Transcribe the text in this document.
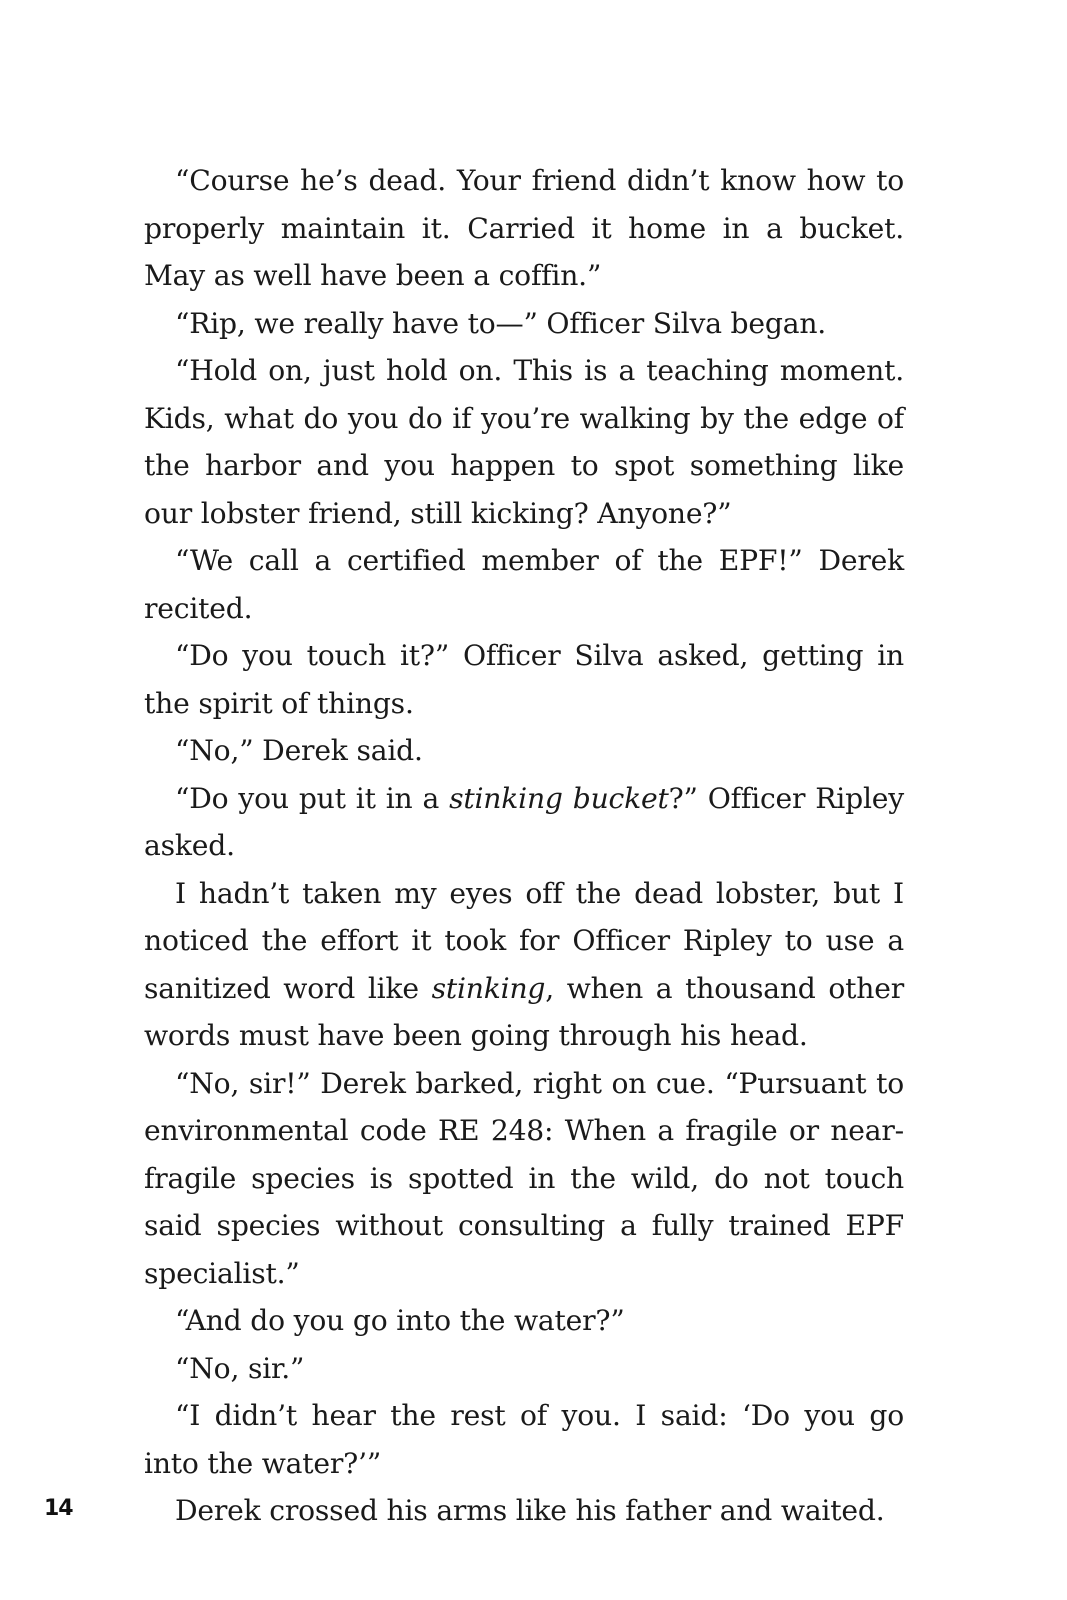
“Course he’s dead. Your friend didn’t know how to properly maintain it. Carried it home in a bucket. May as well have been a coffin.”

“Rip, we really have to—” Officer Silva began.

“Hold on, just hold on. This is a teaching moment. Kids, what do you do if you’re walking by the edge of the harbor and you happen to spot something like our lobster friend, still kicking? Anyone?”

“We call a certified member of the EPF!” Derek recited.

“Do you touch it?” Officer Silva asked, getting in the spirit of things.

“No,” Derek said.

“Do you put it in a stinking bucket?” Officer Ripley asked.

I hadn’t taken my eyes off the dead lobster, but I noticed the effort it took for Officer Ripley to use a sanitized word like stinking, when a thousand other words must have been going through his head.

“No, sir!” Derek barked, right on cue. “Pursuant to environmental code RE 248: When a fragile or near-fragile species is spotted in the wild, do not touch said species without consulting a fully trained EPF specialist.”

“And do you go into the water?”

“No, sir.”

“I didn’t hear the rest of you. I said: ‘Do you go into the water?’”

Derek crossed his arms like his father and waited.

14
